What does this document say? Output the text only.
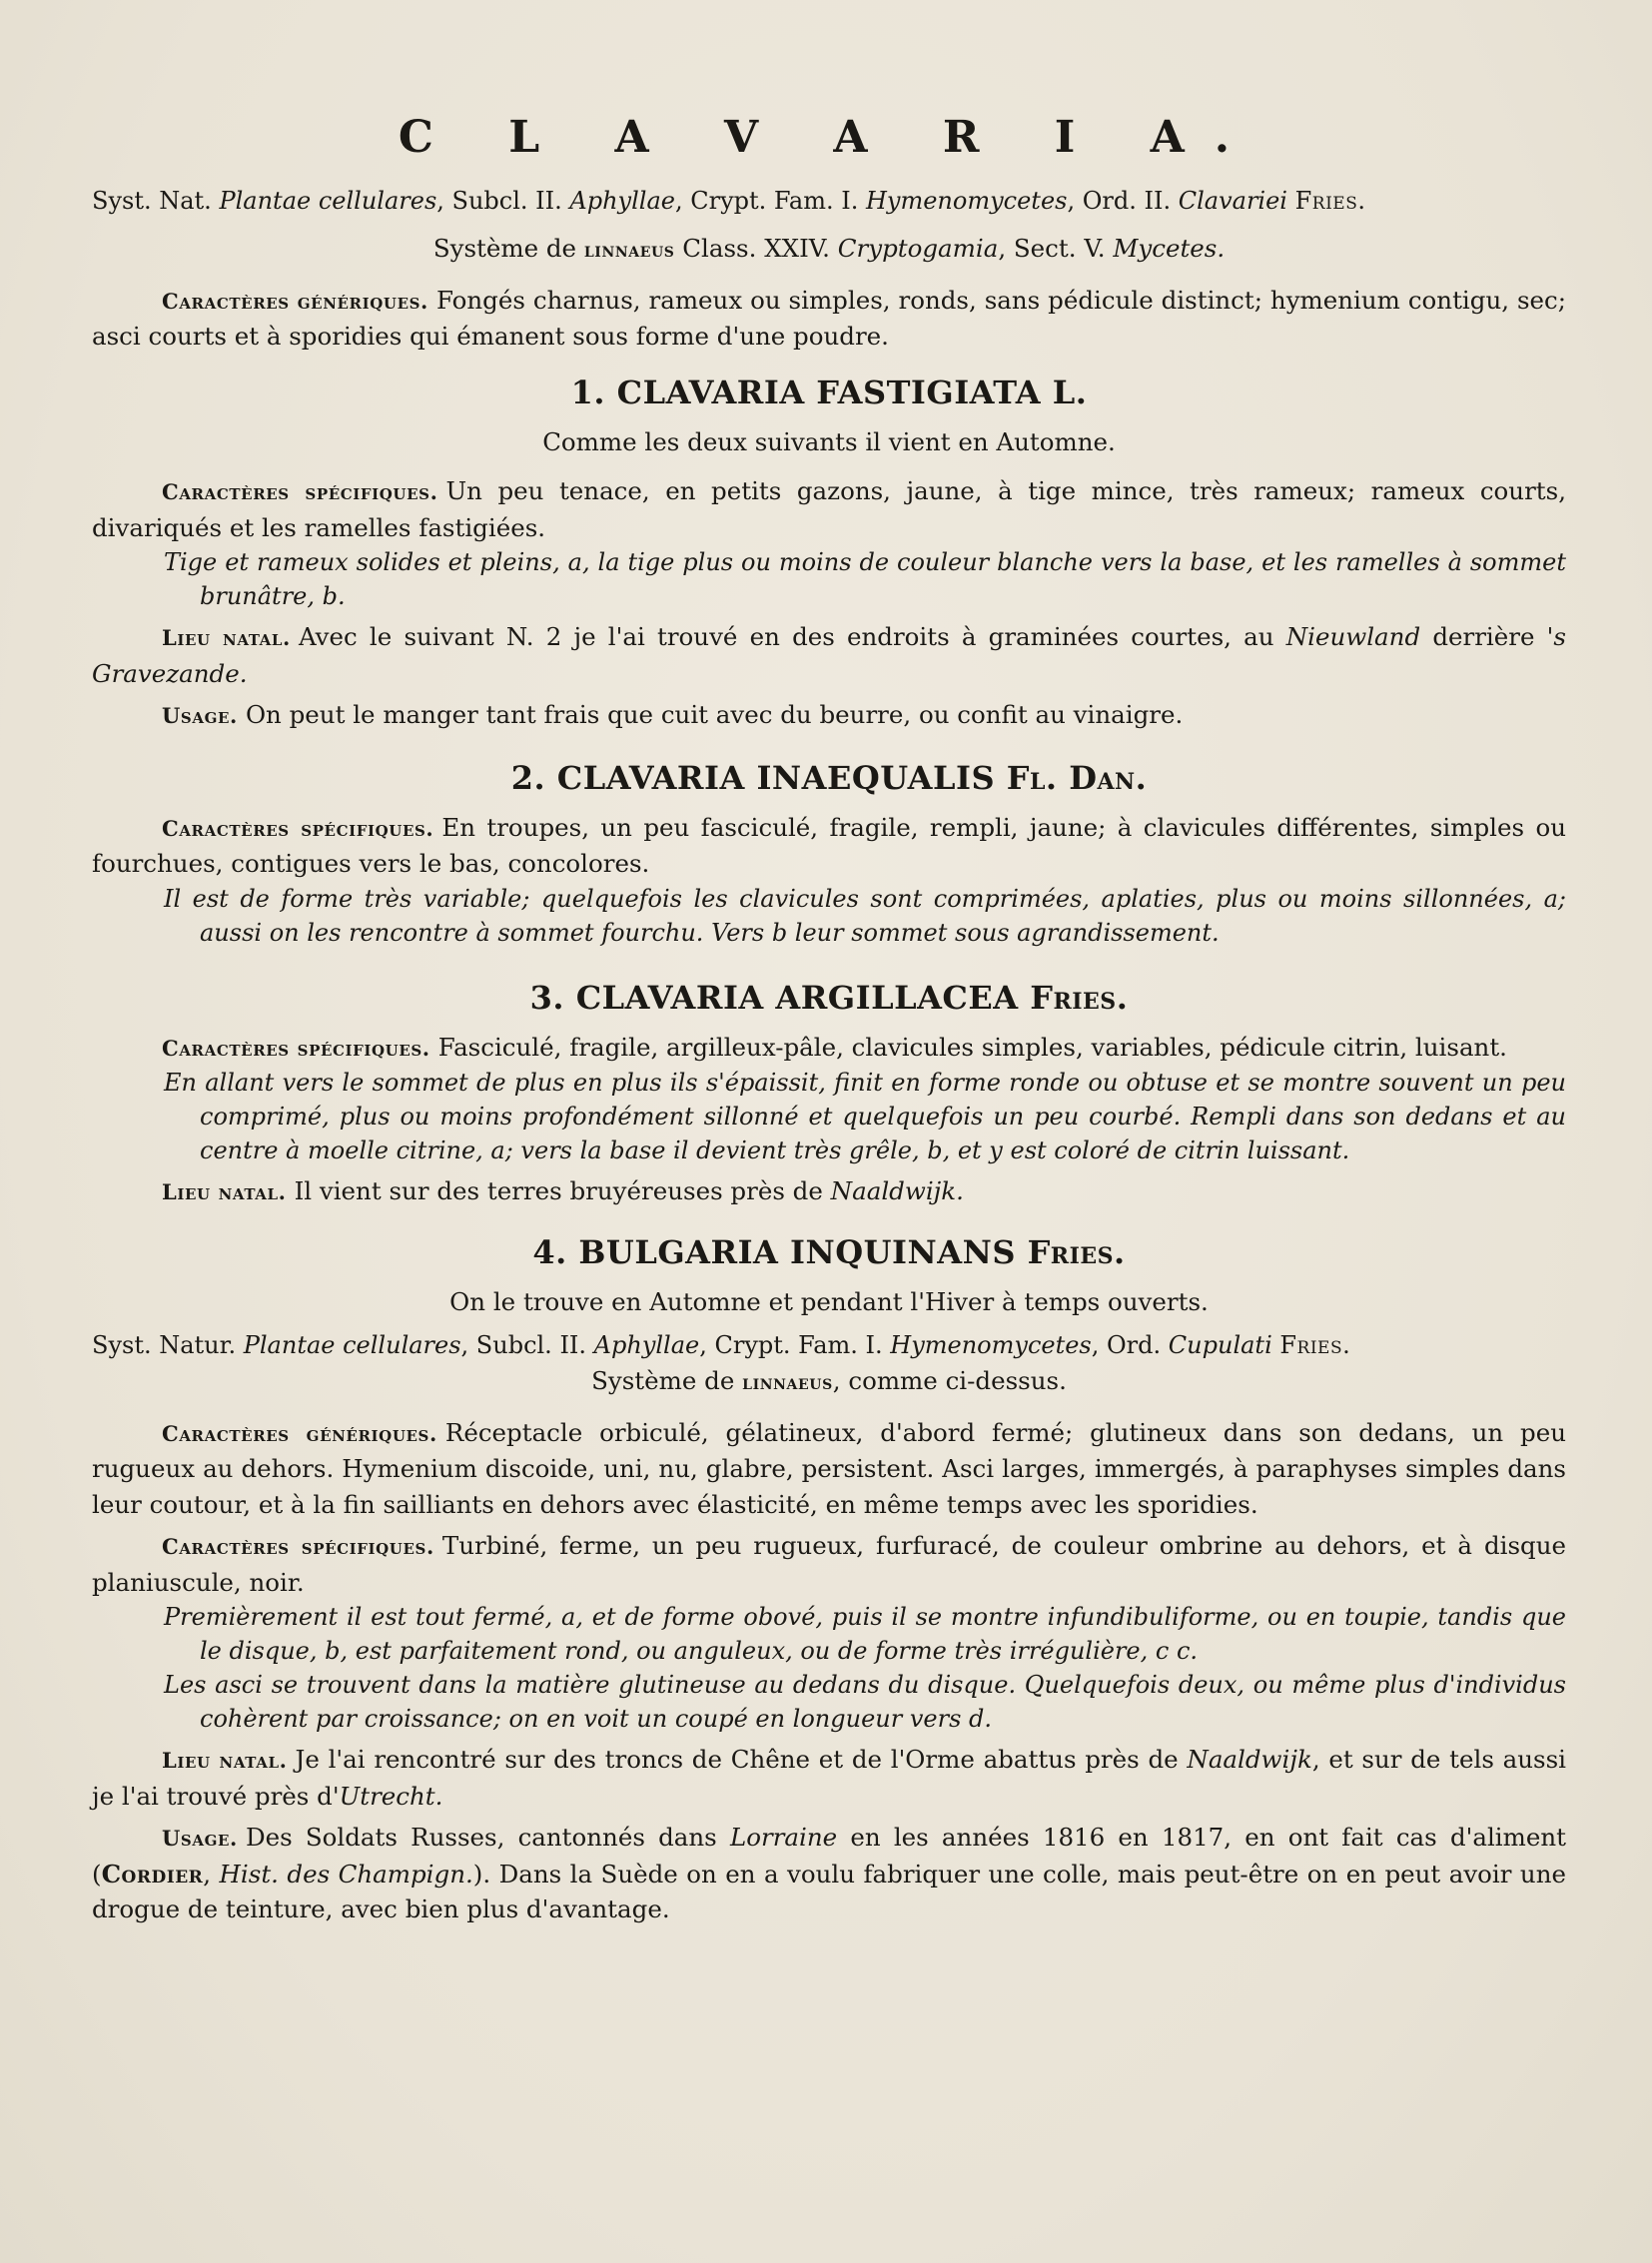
C L A V A R I A.
Syst. Nat. Plantae cellulares, Subcl. II. Aphyllae, Crypt. Fam. I. Hymenomycetes, Ord. II. Clavariei Fries.
Système de linnaeus Class. XXIV. Cryptogamia, Sect. V. Mycetes.

Caractères génériques. Fongés charnus, rameux ou simples, ronds, sans pédicule distinct; hymenium contigu, sec; asci courts et à sporidies qui émanent sous forme d'une poudre.

1. CLAVARIA FASTIGIATA L.
Comme les deux suivants il vient en Automne.

Caractères spécifiques. Un peu tenace, en petits gazons, jaune, à tige mince, très rameux; rameux courts, divariqués et les ramelles fastigiées.

Tige et rameux solides et pleins, a, la tige plus ou moins de couleur blanche vers la base, et les ramelles à sommet brunâtre, b.

Lieu natal. Avec le suivant N. 2 je l'ai trouvé en des endroits à graminées courtes, au Nieuwland derrière 's Gravezande.

Usage. On peut le manger tant frais que cuit avec du beurre, ou confit au vinaigre.

2. CLAVARIA INAEQUALIS Fl. Dan.

Caractères spécifiques. En troupes, un peu fasciculé, fragile, rempli, jaune; à clavicules différentes, simples ou fourchues, contigues vers le bas, concolores.

Il est de forme très variable; quelquefois les clavicules sont comprimées, aplaties, plus ou moins sillonnées, a; aussi on les rencontre à sommet fourchu. Vers b leur sommet sous agrandissement.

3. CLAVARIA ARGILLACEA Fries.

Caractères spécifiques. Fasciculé, fragile, argilleux-pâle, clavicules simples, variables, pédicule citrin, luisant.

En allant vers le sommet de plus en plus ils s'épaissit, finit en forme ronde ou obtuse et se montre souvent un peu comprimé, plus ou moins profondément sillonné et quelquefois un peu courbé. Rempli dans son dedans et au centre à moelle citrine, a; vers la base il devient très grêle, b, et y est coloré de citrin luissant.

Lieu natal. Il vient sur des terres bruyéreuses près de Naaldwijk.

4. BULGARIA INQUINANS Fries.
On le trouve en Automne et pendant l'Hiver à temps ouverts.
Syst. Natur. Plantae cellulares, Subcl. II. Aphyllae, Crypt. Fam. I. Hymenomycetes, Ord. Cupulati Fries.
Système de linnaeus, comme ci-dessus.

Caractères génériques. Réceptacle orbiculé, gélatineux, d'abord fermé; glutineux dans son dedans, un peu rugueux au dehors. Hymenium discoide, uni, nu, glabre, persistent. Asci larges, immergés, à paraphyses simples dans leur coutour, et à la fin sailliants en dehors avec élasticité, en même temps avec les sporidies.

Caractères spécifiques. Turbiné, ferme, un peu rugueux, furfuracé, de couleur ombrine au dehors, et à disque planiuscule, noir.

Premièrement il est tout fermé, a, et de forme obové, puis il se montre infundibuliforme, ou en toupie, tandis que le disque, b, est parfaitement rond, ou anguleux, ou de forme très irrégulière, c c.

Les asci se trouvent dans la matière glutineuse au dedans du disque. Quelquefois deux, ou même plus d'individus cohèrent par croissance; on en voit un coupé en longueur vers d.

Lieu natal. Je l'ai rencontré sur des troncs de Chêne et de l'Orme abattus près de Naaldwijk, et sur de tels aussi je l'ai trouvé près d'Utrecht.

Usage. Des Soldats Russes, cantonnés dans Lorraine en les années 1816 en 1817, en ont fait cas d'aliment (Cordier, Hist. des Champign.). Dans la Suède on en a voulu fabriquer une colle, mais peut-être on en peut avoir une drogue de teinture, avec bien plus d'avantage.
